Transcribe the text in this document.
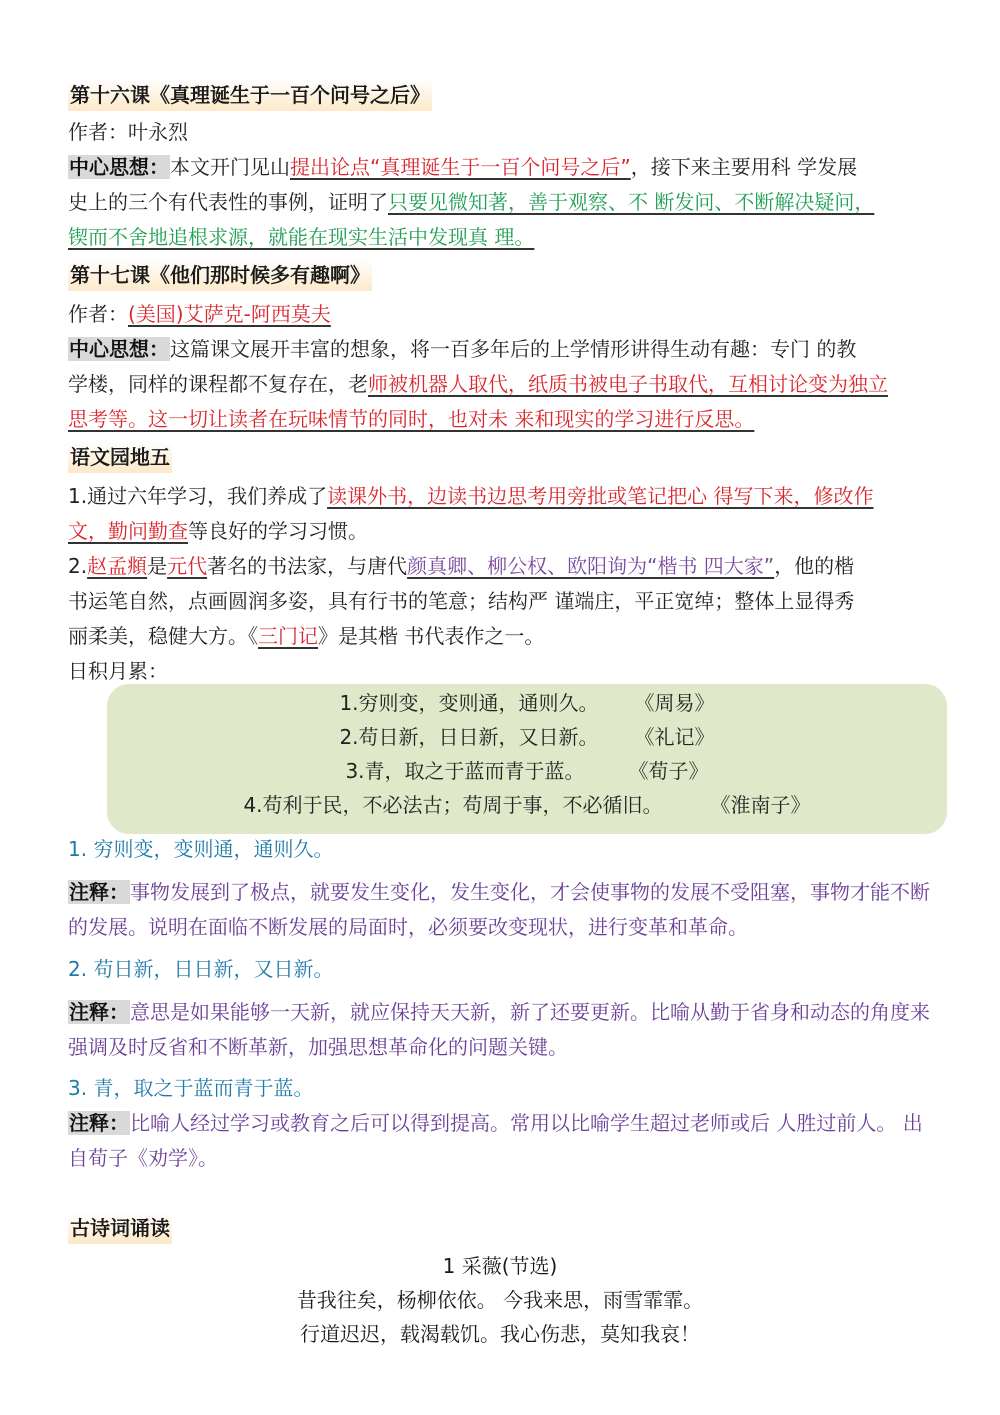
第十六课《真理诞生于一百个问号之后》
作者：叶永烈
中心思想：本文开门见山提出论点“真理诞生于一百个问号之后”，接下来主要用科 学发展
史上的三个有代表性的事例，证明了只要见微知著，善于观察、不 断发问、不断解决疑问，
锲而不舍地追根求源，就能在现实生活中发现真 理。
第十七课《他们那时候多有趣啊》
作者：(美国)艾萨克-阿西莫夫
中心思想：这篇课文展开丰富的想象，将一百多年后的上学情形讲得生动有趣：专门 的教
学楼，同样的课程都不复存在，老师被机器人取代，纸质书被电子书取代，互相讨论变为独立
思考等。这一切让读者在玩味情节的同时，也对未 来和现实的学习进行反思。
语文园地五
1.通过六年学习，我们养成了读课外书，边读书边思考用旁批或笔记把心 得写下来，修改作
文，勤问勤查等良好的学习习惯。
2.赵孟頫是元代著名的书法家，与唐代颜真卿、柳公权、欧阳询为“楷书 四大家”，他的楷
书运笔自然，点画圆润多姿，具有行书的笔意；结构严 谨端庄，平正宽绰；整体上显得秀
丽柔美，稳健大方。《三门记》是其楷 书代表作之一。
日积月累：
1.穷则变，变则通，通则久。 《周易》
2.苟日新，日日新，又日新。 《礼记》
3.青，取之于蓝而青于蓝。 《荀子》
4.苟利于民，不必法古；苟周于事，不必循旧。 《淮南子》
1. 穷则变，变则通，通则久。
注释：事物发展到了极点，就要发生变化，发生变化，才会使事物的发展不受阻塞，事物才能不断
的发展。说明在面临不断发展的局面时，必须要改变现状，进行变革和革命。
2. 苟日新，日日新，又日新。
注释：意思是如果能够一天新，就应保持天天新，新了还要更新。比喻从勤于省身和动态的角度来
强调及时反省和不断革新，加强思想革命化的问题关键。
3. 青，取之于蓝而青于蓝。
注释：比喻人经过学习或教育之后可以得到提高。常用以比喻学生超过老师或后 人胜过前人。 出
自荀子《劝学》。
古诗词诵读
1 采薇(节选)
昔我往矣，杨柳依依。 今我来思，雨雪霏霏。
行道迟迟，载渴载饥。我心伤悲，莫知我哀！
